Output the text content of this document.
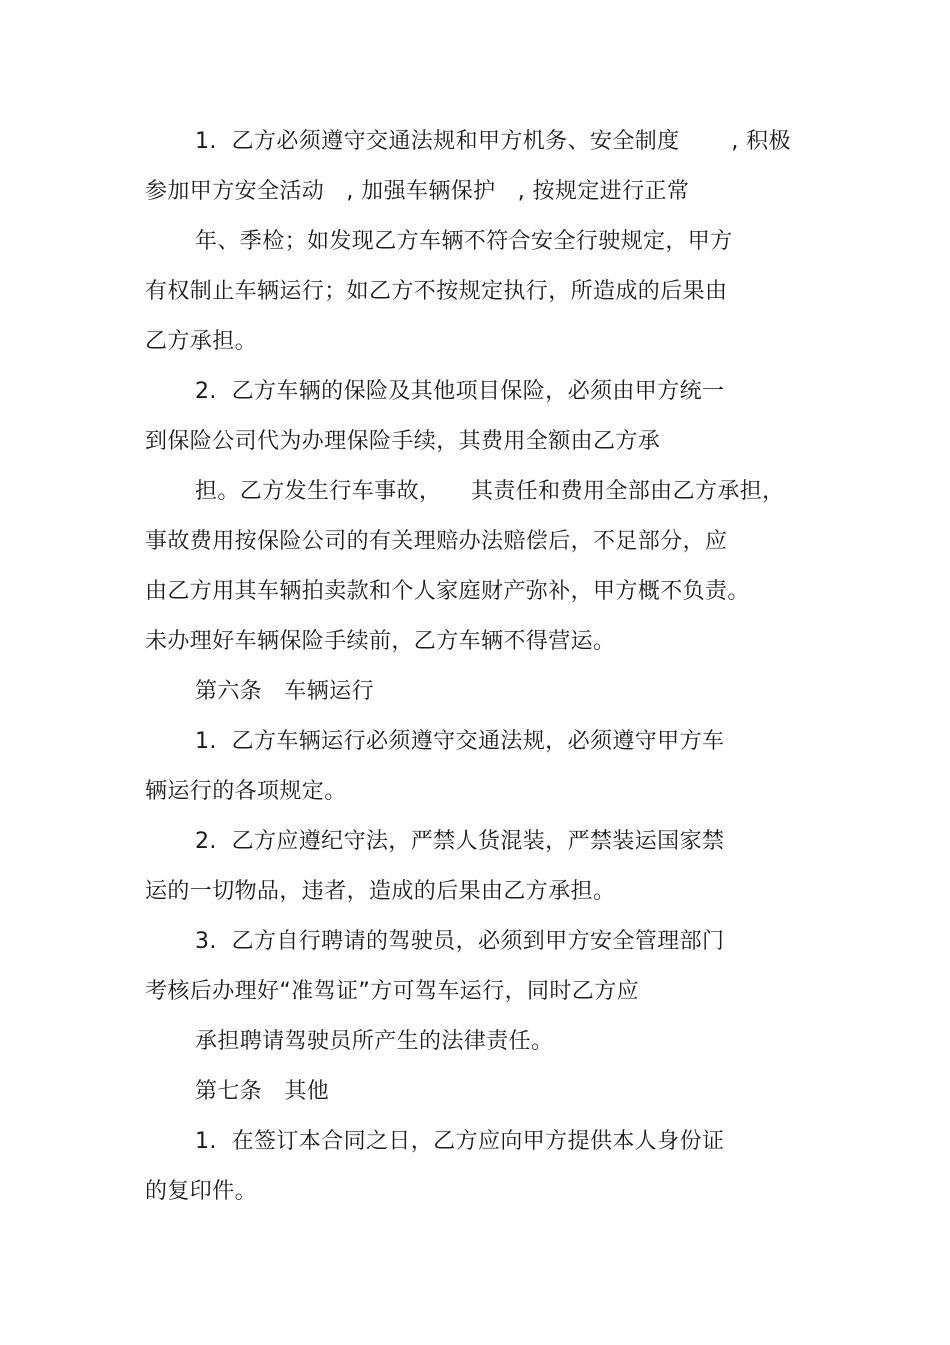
1.  乙方必须遵守交通法规和甲方机务、安全制度       , 积极
参加甲方安全活动   , 加强车辆保护   , 按规定进行正常
年、季检；如发现乙方车辆不符合安全行驶规定，甲方
有权制止车辆运行；如乙方不按规定执行，所造成的后果由
乙方承担。
2.  乙方车辆的保险及其他项目保险，必须由甲方统一
到保险公司代为办理保险手续，其费用全额由乙方承
担。乙方发生行车事故，    其责任和费用全部由乙方承担，
事故费用按保险公司的有关理赔办法赔偿后，不足部分，应
由乙方用其车辆拍卖款和个人家庭财产弥补，甲方概不负责。
未办理好车辆保险手续前，乙方车辆不得营运。
第六条   车辆运行
1.  乙方车辆运行必须遵守交通法规，必须遵守甲方车
辆运行的各项规定。
2.  乙方应遵纪守法，严禁人货混装，严禁装运国家禁
运的一切物品，违者，造成的后果由乙方承担。
3.  乙方自行聘请的驾驶员，必须到甲方安全管理部门
考核后办理好“准驾证”方可驾车运行，同时乙方应
承担聘请驾驶员所产生的法律责任。
第七条   其他
1.  在签订本合同之日，乙方应向甲方提供本人身份证
的复印件。
